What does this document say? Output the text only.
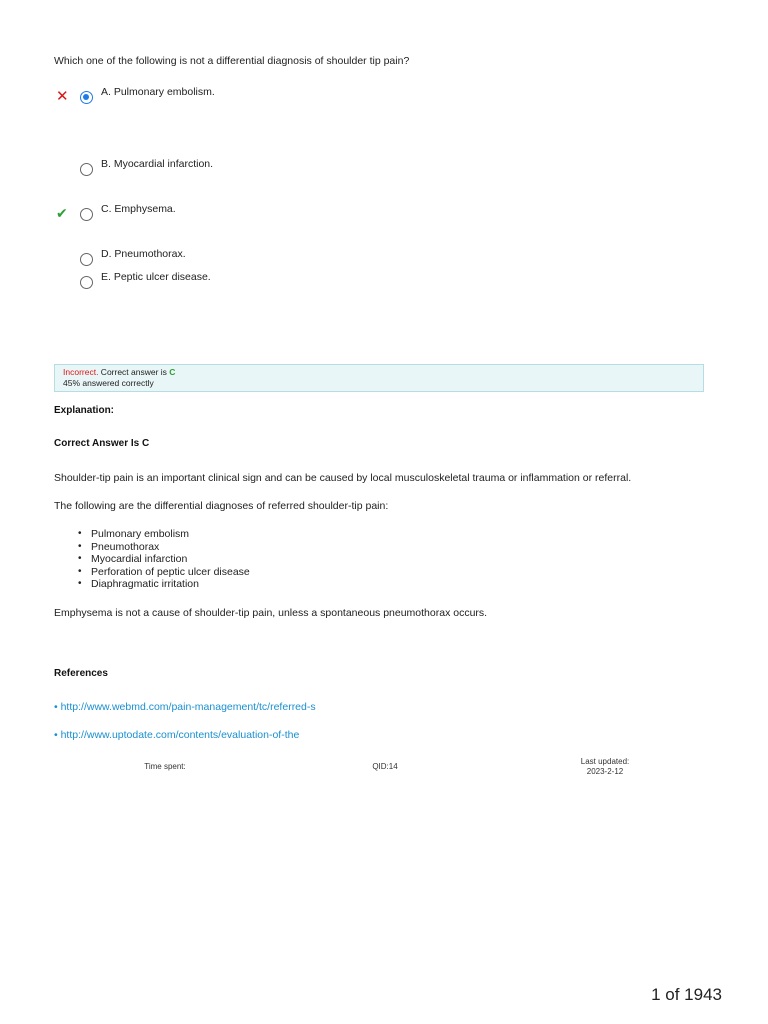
Which one of the following is not a differential diagnosis of shoulder tip pain?
✕	A. Pulmonary embolism.
B. Myocardial infarction.
✔	C. Emphysema.
D. Pneumothorax.
E. Peptic ulcer disease.
Incorrect. Correct answer is C
45% answered correctly
Explanation:
Correct Answer Is C
Shoulder-tip pain is an important clinical sign and can be caused by local musculoskeletal trauma or inflammation or referral.
The following are the differential diagnoses of referred shoulder-tip pain:
• Pulmonary embolism
• Pneumothorax
• Myocardial infarction
• Perforation of peptic ulcer disease
• Diaphragmatic irritation
Emphysema is not a cause of shoulder-tip pain, unless a spontaneous pneumothorax occurs.
References
• http://www.webmd.com/pain-management/tc/referred-s
• http://www.uptodate.com/contents/evaluation-of-the
Time spent:	QID:14
Last updated:
2023-2-12
1 of 1943
